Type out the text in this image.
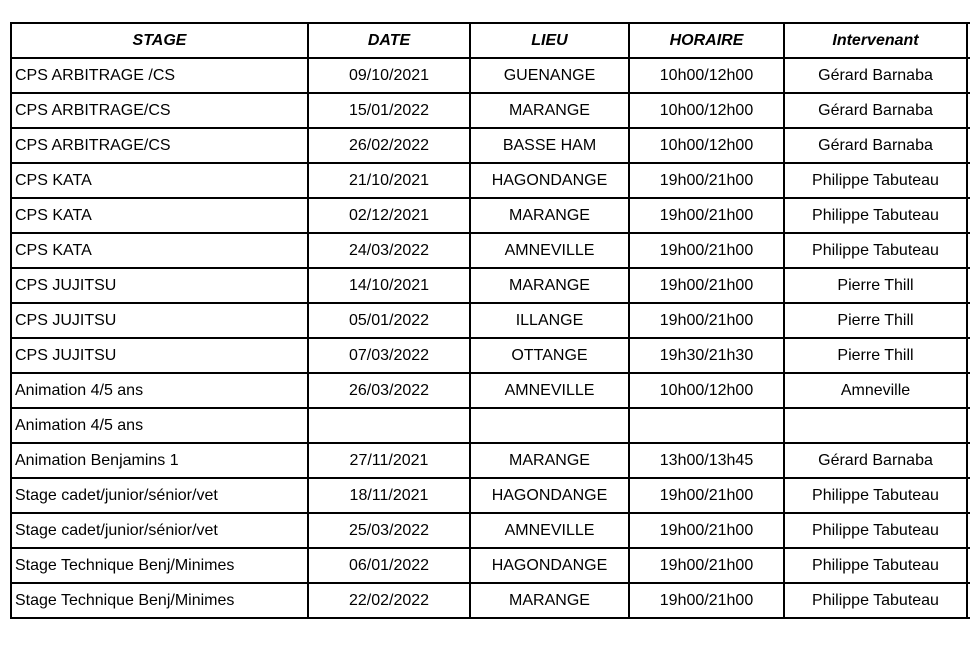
STAGE	DATE	LIEU	HORAIRE	Intervenant	
CPS ARBITRAGE /CS	09/10/2021	GUENANGE	10h00/12h00	Gérard Barnaba	
CPS ARBITRAGE/CS	15/01/2022	MARANGE	10h00/12h00	Gérard Barnaba	
CPS ARBITRAGE/CS	26/02/2022	BASSE HAM	10h00/12h00	Gérard Barnaba	
CPS KATA	21/10/2021	HAGONDANGE	19h00/21h00	Philippe Tabuteau	
CPS KATA	02/12/2021	MARANGE	19h00/21h00	Philippe Tabuteau	
CPS KATA	24/03/2022	AMNEVILLE	19h00/21h00	Philippe Tabuteau	
CPS JUJITSU	14/10/2021	MARANGE	19h00/21h00	Pierre Thill	
CPS JUJITSU	05/01/2022	ILLANGE	19h00/21h00	Pierre Thill	
CPS JUJITSU	07/03/2022	OTTANGE	19h30/21h30	Pierre Thill	
Animation 4/5 ans	26/03/2022	AMNEVILLE	10h00/12h00	Amneville	
Animation 4/5 ans					
Animation Benjamins 1	27/11/2021	MARANGE	13h00/13h45	Gérard Barnaba	
Stage cadet/junior/sénior/vet	18/11/2021	HAGONDANGE	19h00/21h00	Philippe Tabuteau	
Stage cadet/junior/sénior/vet	25/03/2022	AMNEVILLE	19h00/21h00	Philippe Tabuteau	
Stage Technique Benj/Minimes	06/01/2022	HAGONDANGE	19h00/21h00	Philippe Tabuteau	
Stage Technique Benj/Minimes	22/02/2022	MARANGE	19h00/21h00	Philippe Tabuteau	
